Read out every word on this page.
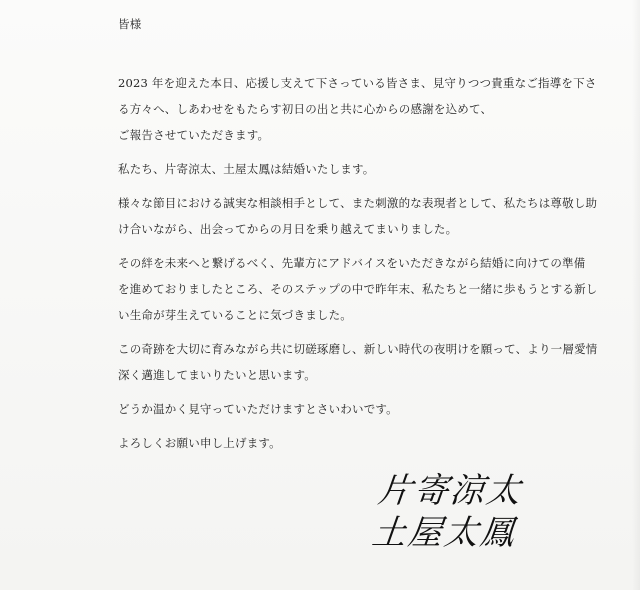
皆様
2023 年を迎えた本日、応援し支えて下さっている皆さま、見守りつつ貴重なご指導を下さ
る方々へ、しあわせをもたらす初日の出と共に心からの感謝を込めて、
ご報告させていただきます。
私たち、片寄涼太、土屋太鳳は結婚いたします。
様々な節目における誠実な相談相手として、また刺激的な表現者として、私たちは尊敬し助
け合いながら、出会ってからの月日を乗り越えてまいりました。
その絆を未来へと繋げるべく、先輩方にアドバイスをいただきながら結婚に向けての準備
を進めておりましたところ、そのステップの中で昨年末、私たちと一緒に歩もうとする新し
い生命が芽生えていることに気づきました。
この奇跡を大切に育みながら共に切磋琢磨し、新しい時代の夜明けを願って、より一層愛情
深く邁進してまいりたいと思います。
どうか温かく見守っていただけますとさいわいです。
よろしくお願い申し上げます。
片寄涼太
土屋太鳳
